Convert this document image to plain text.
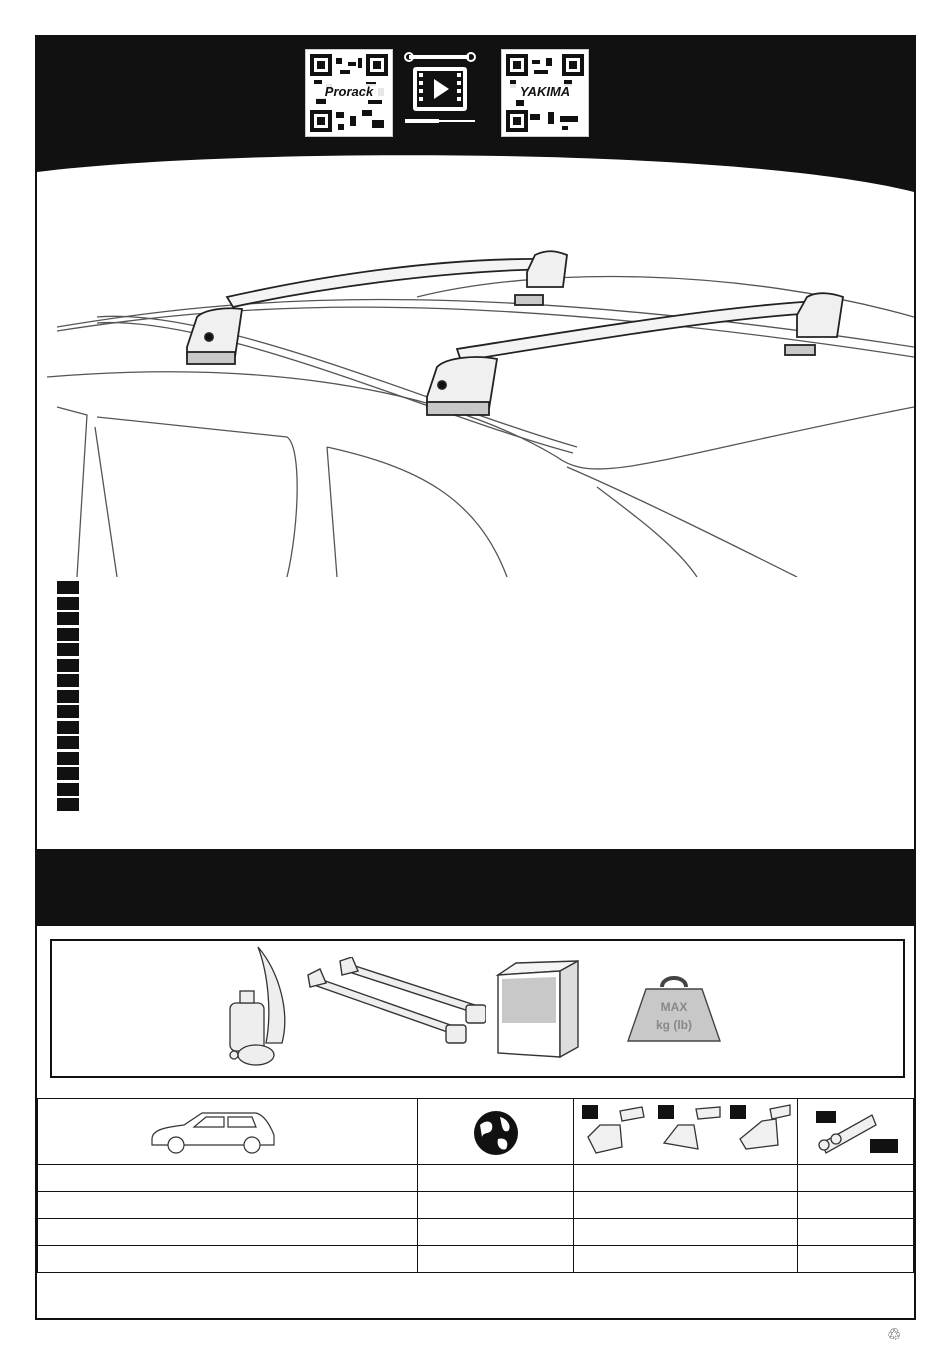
Prorack	YAKIMA
MAX
kg (lb)

♲
